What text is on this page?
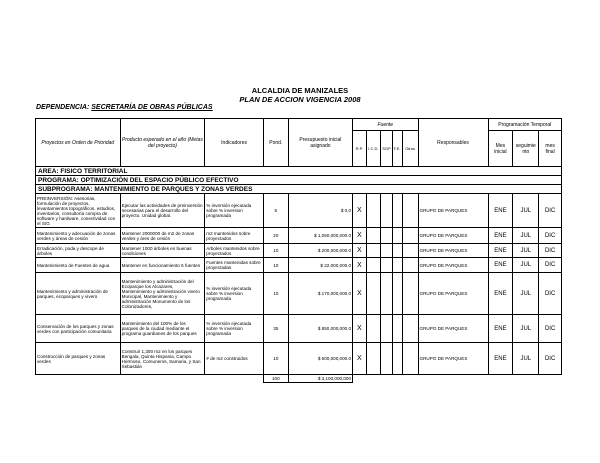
ALCALDIA DE MANIZALES
PLAN DE ACCION VIGENCIA 2008
DEPENDENCIA: SECRETARÍA DE OBRAS PÚBLICAS
Proyectos en Orden de Prioridad	Producto esperado en el año (Metas del proyecto)	Indicadores	Pond.	Presupuesto inicial asignado	Fuente					Responsables	Programación Temporal		
					R.P.	I.C.D.	SGP	F.E.	Otros		Mes inicial	seguimie nto	mes final
AREA: FISICO TERRITORIAL													
PROGRAMA: OPTIMIZACIÓN DEL ESPACIO PÚBLICO EFECTIVO													
SUBPROGRAMA: MANTENIMIENTO DE PARQUES Y ZONAS VERDES													
PREINVERSIÓN: Asesorias, formulación de proyectos, levantamientos topográficos, estudios, inventarios, consultoría compra de software y hardware, conectividad con el SIG	Ejecutar las actividades de preinversión necesarias para el desarrollo del proyecto. Unidad global.	% inversión ejecutada sobre % inversion programada	5	$ 0,0	X					GRUPO DE PARQUES	ENE	JUL	DIC
Mantenimiento y adecuación de zonas verdes y áreas de cesión	Mantener 2000000 de m2 de zonas verdes y áres de cesión	m2 mantenidos sobre proyectados	20	$ 1,050,000,000.0	X					GRUPO DE PARQUES	ENE	JUL	DIC
Erradicación, poda y descope de árboles	Mantener 1000 árboles en buenas condiciones	Arboles mantenidos sobre proyectados	10	$ 200,000,000.0	X					GRUPO DE PARQUES	ENE	JUL	DIC
Mantenimiento de Fuentes de agua	Mantener en funcionamiento 5 fuentes	Fuentes mantenidas sobre proyectadas	10	$ 22,000,000.0	X					GRUPO DE PARQUES	ENE	JUL	DIC
Mantenimiento y administración de parques, ecoparques y vivero	Mantenimiento y administración del Ecoparque los Alcazares, Mantenimiento y administración vivero Municipal, Mantenimiento y administración Monumento de los Colonizadores,	% inversión ejecutada sobre % inversion programada	10	$ 170,000,000.0	X					GRUPO DE PARQUES	ENE	JUL	DIC
Conservación de los parques y zonas verdes con participación comunitaria	Mantenimiento del 100% de los parques de la ciudad mediante el programa guardianes de los parques	% inversión ejecutada sobre % inversion programada	35	$ 850,000,000.0	X					GRUPO DE PARQUES	ENE	JUL	DIC
Construcción de parques y zonas verdes	Construir 1,300 m2 en los parques Bengala, Quinta Hispania, Campo Hermoso, Comuneros, Samaria, y San Sebastián	# de m2 construidos	10	$ 600,000,000.0	X					GRUPO DE PARQUES	ENE	JUL	DIC
			100	$ 3,100,000,000									
